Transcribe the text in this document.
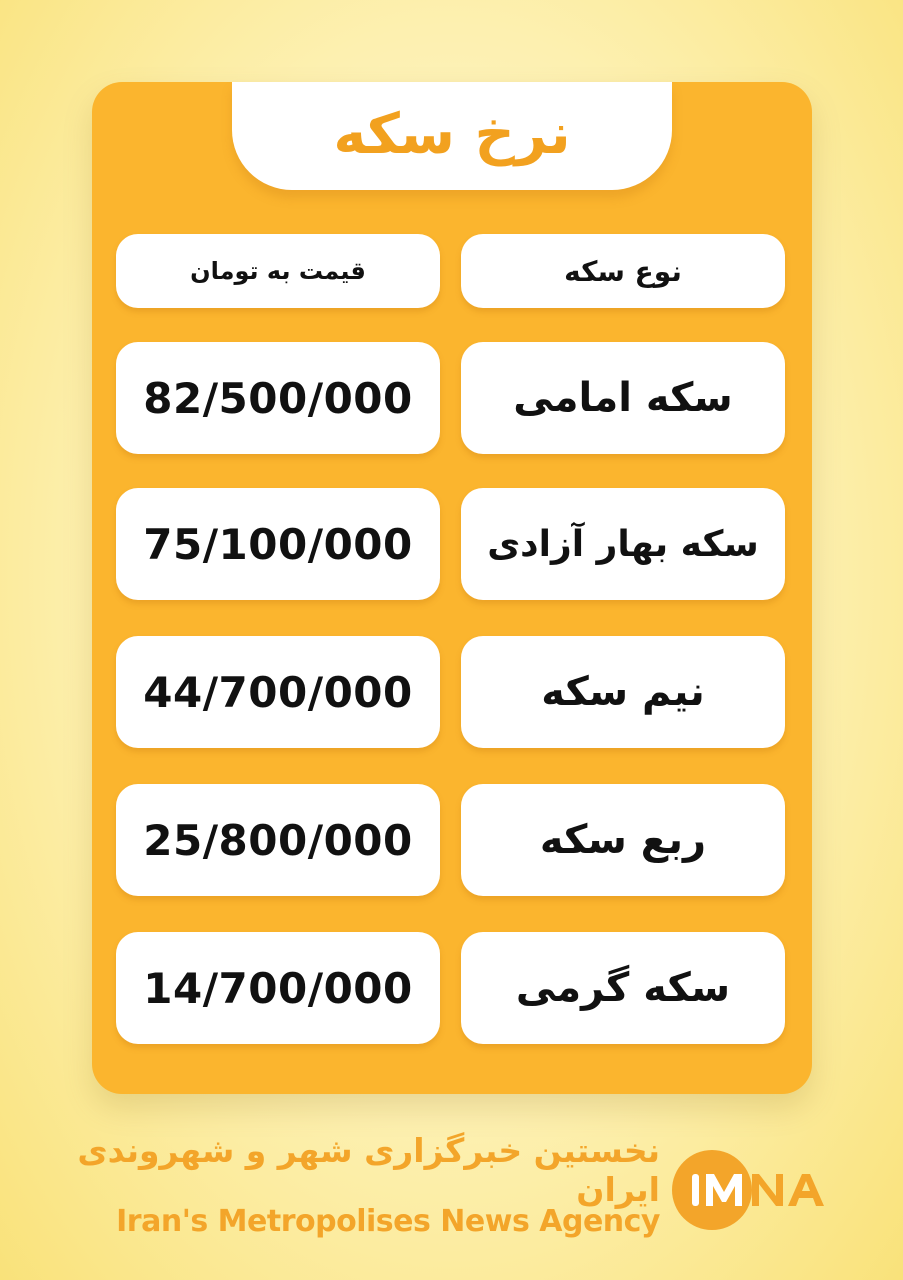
نرخ سکه
قیمت به تومان	نوع سکه
82/500/000	سکه امامی
75/100/000	سکه بهار آزادی
44/700/000	نیم سکه
25/800/000	ربع سکه
14/700/000	سکه گرمی
نخستین خبرگزاری شهر و شهروندی ایران
Iran's Metropolises News Agency
